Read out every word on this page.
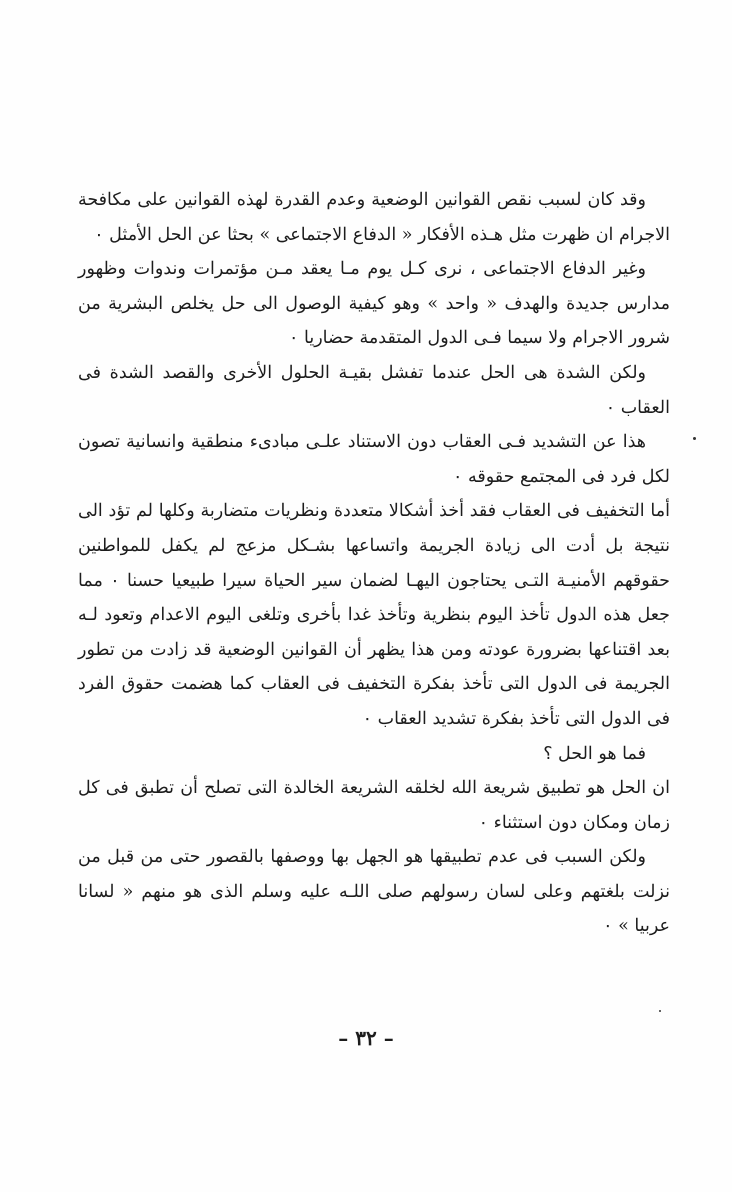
وقد كان لسبب نقص القوانين الوضعية وعدم القدرة لهذه القوانين على مكافحة الاجرام ان ظهرت مثل هـذه الأفكار « الدفاع الاجتماعى » بحثا عن الحل الأمثل ٠

وغير الدفاع الاجتماعى ، نرى كـل يوم مـا يعقد مـن مؤتمرات وندوات وظهور مدارس جديدة والهدف « واحد » وهو كيفية الوصول الى حل يخلص البشرية من شرور الاجرام ولا سيما فـى الدول المتقدمة حضاريا ٠

ولكن الشدة هى الحل عندما تفشل بقيـة الحلول الأخرى والقصد الشدة فى العقاب ٠

هذا عن التشديد فـى العقاب دون الاستناد علـى مبادىء منطقية وانسانية تصون لكل فرد فى المجتمع حقوقه ٠

أما التخفيف فى العقاب فقد أخذ أشكالا متعددة ونظريات متضاربة وكلها لم تؤد الى نتيجة بل أدت الى زيادة الجريمة واتساعها بشـكل مزعج لم يكفل للمواطنين حقوقهم الأمنيـة التـى يحتاجون اليهـا لضمان سير الحياة سيرا طبيعيا حسنا ٠ مما جعل هذه الدول تأخذ اليوم بنظرية وتأخذ غدا بأخرى وتلغى اليوم الاعدام وتعود لـه بعد اقتناعها بضرورة عودته ومن هذا يظهر أن القوانين الوضعية قد زادت من تطور الجريمة فى الدول التى تأخذ بفكرة التخفيف فى العقاب كما هضمت حقوق الفرد فى الدول التى تأخذ بفكرة تشديد العقاب ٠

فما هو الحل ؟

ان الحل هو تطبيق شريعة الله لخلقه الشريعة الخالدة التى تصلح أن تطبق فى كل زمان ومكان دون استثناء ٠

ولكن السبب فى عدم تطبيقها هو الجهل بها ووصفها بالقصور حتى من قبل من نزلت بلغتهم وعلى لسان رسولهم صلى اللـه عليه وسلم الذى هو منهم « لسانا عربيا » ٠

– ٣٢ –
